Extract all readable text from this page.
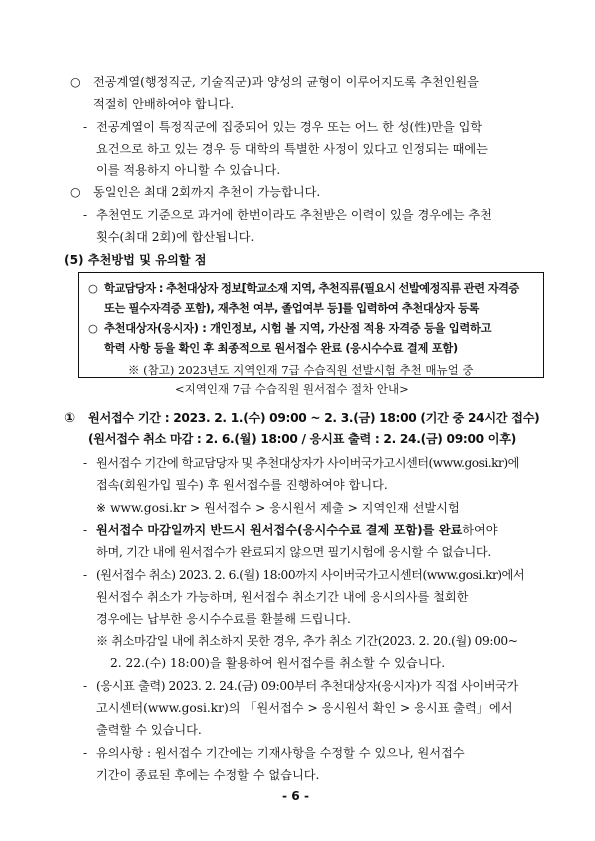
○ 전공계열(행정직군, 기술직군)과 양성의 균형이 이루어지도록 추천인원을
적절히 안배하여야 합니다.
- 전공계열이 특정직군에 집중되어 있는 경우 또는 어느 한 성(性)만을 입학
요건으로 하고 있는 경우 등 대학의 특별한 사정이 있다고 인정되는 때에는
이를 적용하지 아니할 수 있습니다.
○ 동일인은 최대 2회까지 추천이 가능합니다.
- 추천연도 기준으로 과거에 한번이라도 추천받은 이력이 있을 경우에는 추천
횟수(최대 2회)에 합산됩니다.
(5) 추천방법 및 유의할 점
○ 학교담당자 : 추천대상자 정보[학교소재 지역, 추천직류(필요시 선발예정직류 관련 자격증
또는 필수자격증 포함), 재추천 여부, 졸업여부 등]를 입력하여 추천대상자 등록
○ 추천대상자(응시자) : 개인정보, 시험 볼 지역, 가산점 적용 자격증 등을 입력하고
학력 사항 등을 확인 후 최종적으로 원서접수 완료 (응시수수료 결제 포함)
※ (참고) 2023년도 지역인재 7급 수습직원 선발시험 추천 매뉴얼 중
<지역인재 7급 수습직원 원서접수 절차 안내>
① 원서접수 기간 : 2023. 2. 1.(수) 09:00 ~ 2. 3.(금) 18:00 (기간 중 24시간 접수)
(원서접수 취소 마감 : 2. 6.(월) 18:00 / 응시표 출력 : 2. 24.(금) 09:00 이후)
- 원서접수 기간에 학교담당자 및 추천대상자가 사이버국가고시센터(www.gosi.kr)에
접속(회원가입 필수) 후 원서접수를 진행하여야 합니다.
※ www.gosi.kr > 원서접수 > 응시원서 제출 > 지역인재 선발시험
- 원서접수 마감일까지 반드시 원서접수(응시수수료 결제 포함)를 완료하여야
하며, 기간 내에 원서접수가 완료되지 않으면 필기시험에 응시할 수 없습니다.
- (원서접수 취소) 2023. 2. 6.(월) 18:00까지 사이버국가고시센터(www.gosi.kr)에서
원서접수 취소가 가능하며, 원서접수 취소기간 내에 응시의사를 철회한
경우에는 납부한 응시수수료를 환불해 드립니다.
※ 취소마감일 내에 취소하지 못한 경우, 추가 취소 기간(2023. 2. 20.(월) 09:00~
2. 22.(수) 18:00)을 활용하여 원서접수를 취소할 수 있습니다.
- (응시표 출력) 2023. 2. 24.(금) 09:00부터 추천대상자(응시자)가 직접 사이버국가
고시센터(www.gosi.kr)의 「원서접수 > 응시원서 확인 > 응시표 출력」에서
출력할 수 있습니다.
- 유의사항 : 원서접수 기간에는 기재사항을 수정할 수 있으나, 원서접수
기간이 종료된 후에는 수정할 수 없습니다.
- 6 -
